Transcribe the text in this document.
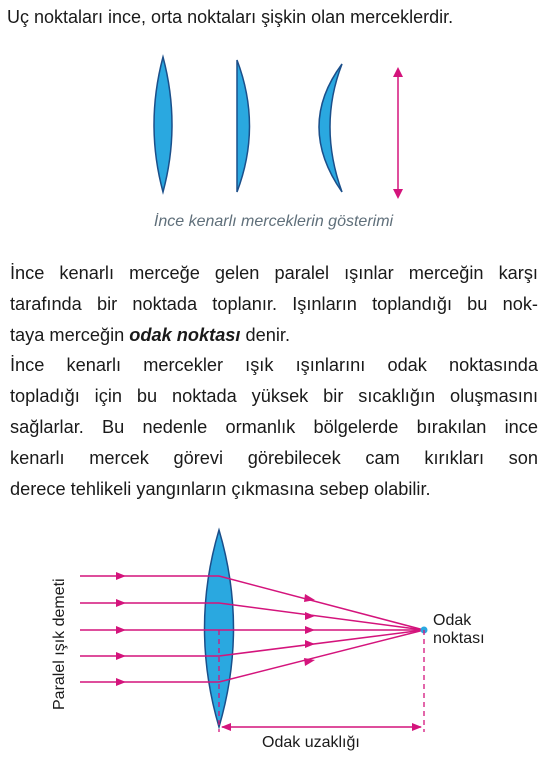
Uç noktaları ince, orta noktaları şişkin olan merceklerdir.

İnce kenarlı merceklerin gösterimi
İnce kenarlı merceğe gelen paralel ışınlar merceğin karşı
tarafında bir noktada toplanır. Işınların toplandığı bu nok-
taya merceğin odak noktası denir.
İnce kenarlı mercekler ışık ışınlarını odak noktasında
topladığı için bu noktada yüksek bir sıcaklığın oluşmasını
sağlarlar. Bu nedenle ormanlık bölgelerde bırakılan ince
kenarlı mercek görevi görebilecek cam kırıkları son
derece tehlikeli yangınların çıkmasına sebep olabilir.
Paralel ışık demeti	Odak
noktası
Odak uzaklığı
